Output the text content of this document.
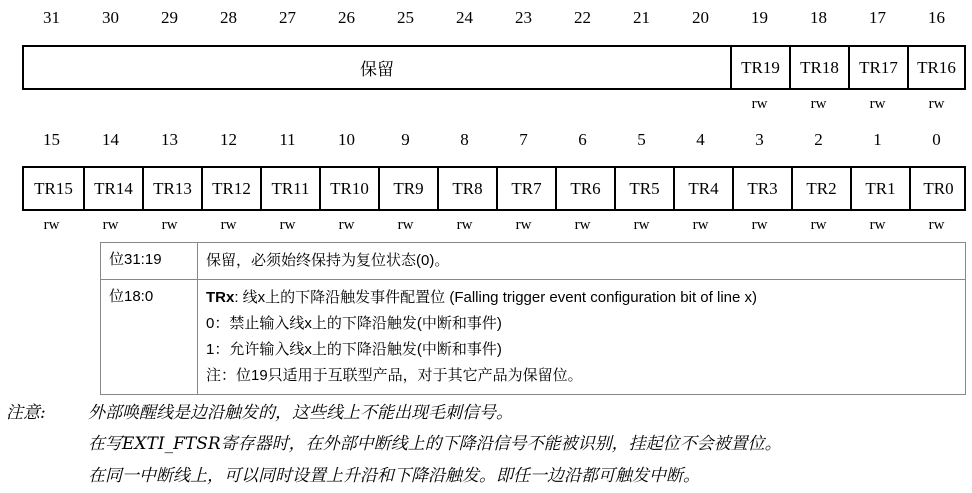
31	30	29	28	27	26	25	24	23	22	21	20	19	18	17	16
保留	TR19	TR18	TR17	TR16
rw	rw	rw	rw
15	14	13	12	11	10	9	8	7	6	5	4	3	2	1	0
TR15	TR14	TR13	TR12	TR11	TR10	TR9	TR8	TR7	TR6	TR5	TR4	TR3	TR2	TR1	TR0
rw	rw	rw	rw	rw	rw	rw	rw	rw	rw	rw	rw	rw	rw	rw	rw
位31:19	保留，必须始终保持为复位状态(0)。

位18:0	TRx: 线x上的下降沿触发事件配置位 (Falling trigger event configuration bit of line x)
0：禁止输入线x上的下降沿触发(中断和事件)
1：允许输入线x上的下降沿触发(中断和事件)
注：位19只适用于互联型产品，对于其它产品为保留位。
注意: 外部唤醒线是边沿触发的，这些线上不能出现毛刺信号。
在写EXTI_FTSR寄存器时，在外部中断线上的下降沿信号不能被识别，挂起位不会被置位。
在同一中断线上，可以同时设置上升沿和下降沿触发。即任一边沿都可触发中断。
